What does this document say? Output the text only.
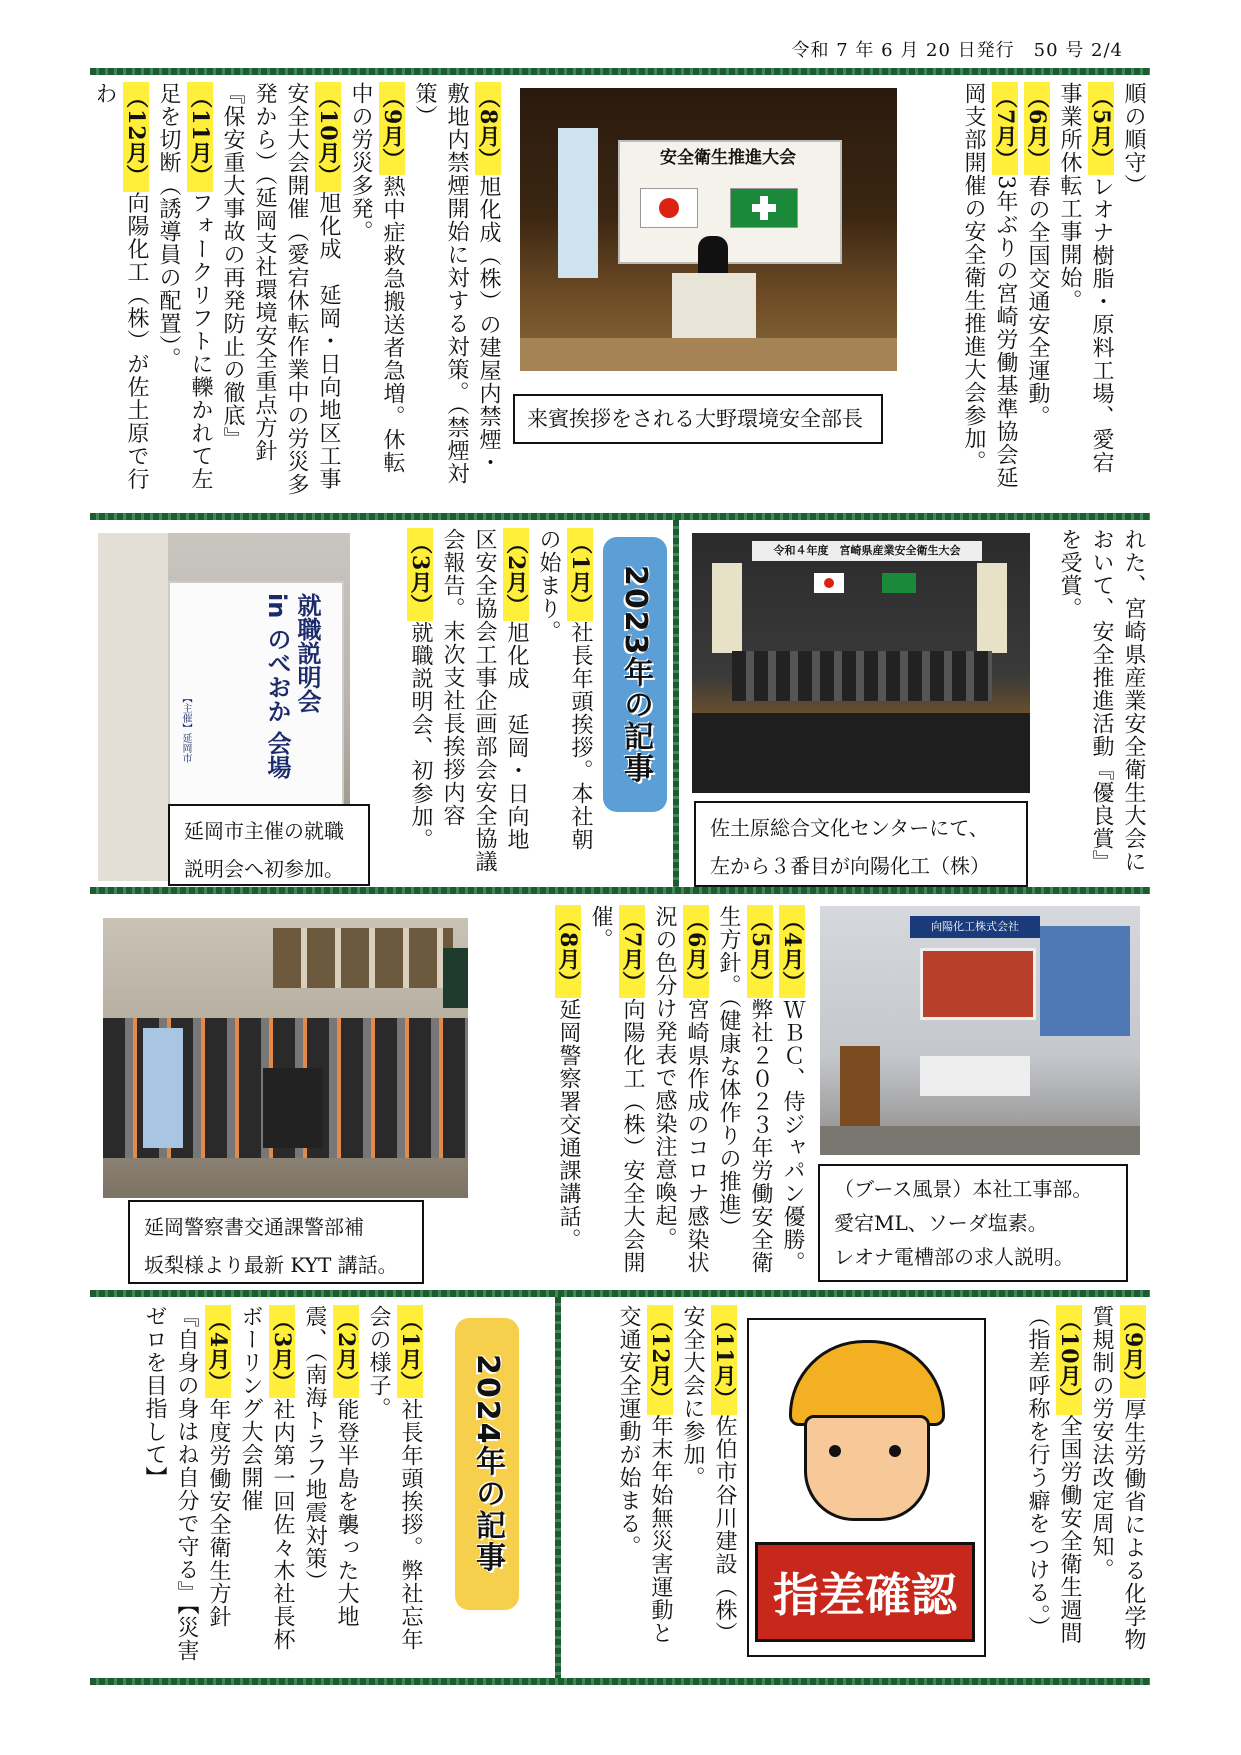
令和 7 年 6 月 20 日発行　50 号 2/4

順の順守）

（5月）レオナ樹脂・原料工場、愛宕事業所休転工事開始。

（6月）春の全国交通安全運動。

（7月）3年ぶりの宮崎労働基準協会延岡支部開催の安全衛生推進大会参加。

安全衛生推進大会
来賓挨拶をされる大野環境安全部長

（8月）旭化成（株）の建屋内禁煙・敷地内禁煙開始に対する対策。（禁煙対策）

（9月）熱中症救急搬送者急増。休転中の労災多発。

（10月）旭化成　延岡・日向地区工事安全大会開催（愛宕休転作業中の労災多発から）（延岡支社環境安全重点方針『保安重大事故の再発防止の徹底』

（11月）フォークリフトに轢かれて左足を切断（誘導員の配置）。

（12月）向陽化工（株）が佐土原で行わ

れた、宮崎県産業安全衛生大会において、安全推進活動『優良賞』を受賞。

令和４年度　宮崎県産業安全衛生大会
佐土原総合文化センターにて、
左から３番目が向陽化工（株）
2023年の記事

（1月）社長年頭挨拶。本社朝の始まり。

（2月）旭化成　延岡・日向地区安全協会工事企画部会安全協議会報告。末次支社長挨拶内容

（3月）就職説明会、初参加。

就職説明会
in のべおか 会場
【主催】延岡市
延岡市主催の就職
説明会へ初参加。
向陽化工株式会社
（ブース風景）本社工事部。
愛宕ML、ソーダ塩素。
レオナ電槽部の求人説明。

（4月）ＷＢＣ、侍ジャパン優勝。

（5月）弊社２０２３年労働安全衛生方針。（健康な体作りの推進）

（6月）宮崎県作成のコロナ感染状況の色分け発表で感染注意喚起。

（7月）向陽化工（株）安全大会開催。

（8月）延岡警察署交通課講話。

延岡警察書交通課警部補
坂梨様より最新 KYT 講話。

（9月）厚生労働省による化学物質規制の労安法改定周知。

（10月）全国労働安全衛生週間（指差呼称を行う癖をつける。）

指差確認

（11月）佐伯市谷川建設（株）安全大会に参加。

（12月）年末年始無災害運動と交通安全運動が始まる。

2024年の記事

（1月）社長年頭挨拶。弊社忘年会の様子。

（2月）能登半島を襲った大地震、（南海トラフ地震対策）

（3月）社内第一回佐々木社長杯ボーリング大会開催

（4月）年度労働安全衛生方針『自身の身はね自分で守る』【災害ゼロを目指して】
